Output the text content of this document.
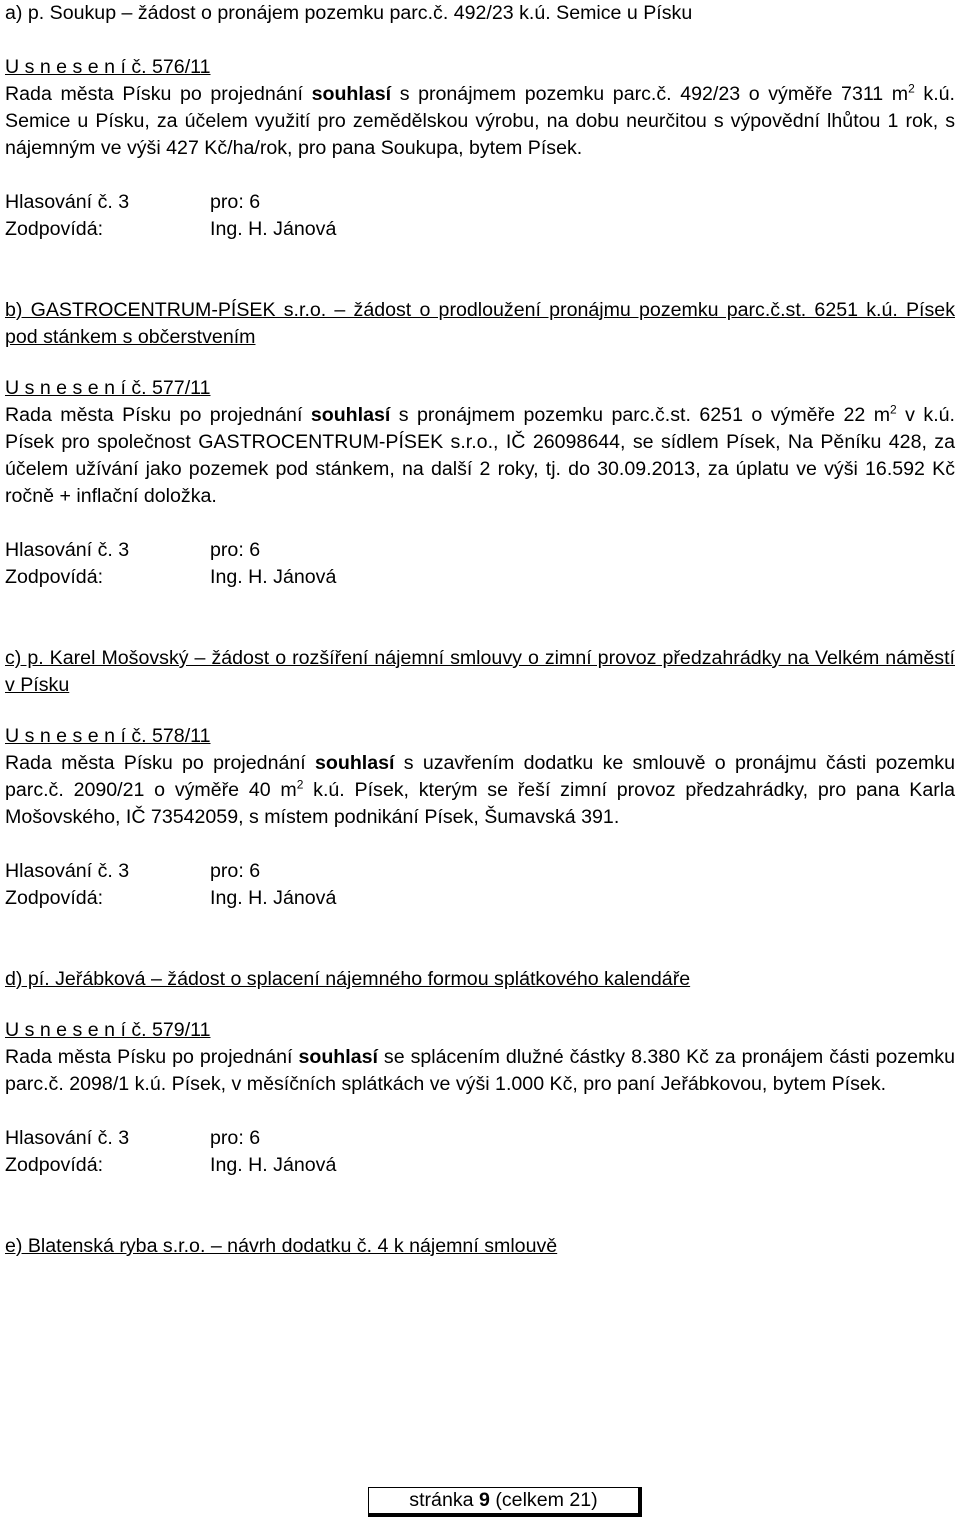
a) p. Soukup – žádost o pronájem pozemku parc.č. 492/23 k.ú. Semice u Písku

U s n e s e n í č. 576/11

Rada města Písku po projednání souhlasí s pronájmem pozemku parc.č. 492/23 o výměře 7311 $m^2$ k.ú. Semice u Písku, za účelem využití pro zemědělskou výrobu, na dobu neurčitou s výpovědní lhůtou 1 rok, s nájemným ve výši 427 Kč/ha/rok, pro pana Soukupa, bytem Písek.

Hlasování č. 3	pro: 6
Zodpovídá:	Ing. H. Jánová

b) GASTROCENTRUM-PÍSEK s.r.o. – žádost o prodloužení pronájmu pozemku parc.č.st. 6251 k.ú. Písek pod stánkem s občerstvením

U s n e s e n í č. 577/11

Rada města Písku po projednání souhlasí s pronájmem pozemku parc.č.st. 6251 o výměře 22 $m^2$ v k.ú. Písek pro společnost GASTROCENTRUM-PÍSEK s.r.o., IČ 26098644, se sídlem Písek, Na Pěníku 428, za účelem užívání jako pozemek pod stánkem, na další 2 roky, tj. do 30.09.2013, za úplatu ve výši 16.592 Kč ročně + inflační doložka.

Hlasování č. 3	pro: 6
Zodpovídá:	Ing. H. Jánová

c) p. Karel Mošovský – žádost o rozšíření nájemní smlouvy o zimní provoz předzahrádky na Velkém náměstí v Písku

U s n e s e n í č. 578/11

Rada města Písku po projednání souhlasí s uzavřením dodatku ke smlouvě o pronájmu části pozemku parc.č. 2090/21 o výměře 40 $m^2$ k.ú. Písek, kterým se řeší zimní provoz předzahrádky, pro pana Karla Mošovského, IČ 73542059, s místem podnikání Písek, Šumavská 391.

Hlasování č. 3	pro: 6
Zodpovídá:	Ing. H. Jánová

d) pí. Jeřábková – žádost o splacení nájemného formou splátkového kalendáře

U s n e s e n í č. 579/11

Rada města Písku po projednání souhlasí se splácením dlužné částky 8.380 Kč za pronájem části pozemku parc.č. 2098/1 k.ú. Písek, v měsíčních splátkách ve výši 1.000 Kč, pro paní Jeřábkovou, bytem Písek.

Hlasování č. 3	pro: 6
Zodpovídá:	Ing. H. Jánová

e) Blatenská ryba s.r.o. – návrh dodatku č. 4 k nájemní smlouvě

stránka 9 (celkem 21)
